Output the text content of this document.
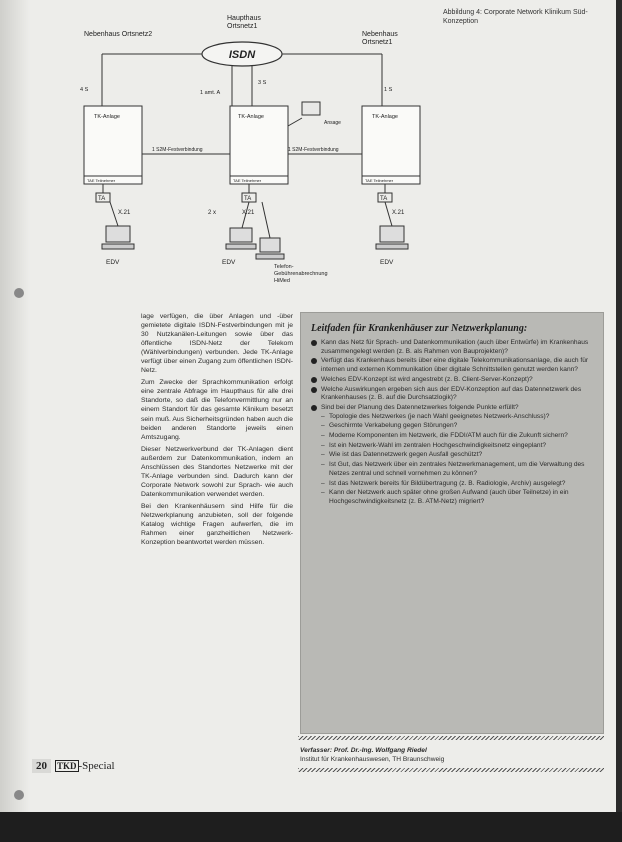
Abbildung 4: Corporate Network Klinikum Süd-Konzeption
Haupthaus Ortsnetz1
Nebenhaus Ortsnetz2	Nebenhaus Ortsnetz1
ISDN
4 S	1 amt. A
3 S
1 S
TK-Anlage	TK-Anlage	TK-Anlage
TAE Teilnehmer	TAE Teilnehmer	TAE Teilnehmer
1 S2M-Festverbindung	1 S2M-Festverbindung
Ansage
TA	TA	TA
X.21	2 x	X.21	X.21
EDV	EDV	EDV
Telefon-Gebührenabrechnung HiMed

lage verfügen, die über Anlagen und -über gemietete digitale ISDN-Festverbindungen mit je 30 Nutzkanälen-Leitungen sowie über das öffentliche ISDN-Netz der Telekom (Wählverbindungen) verbunden. Jede TK-Anlage verfügt über einen Zugang zum öffentlichen ISDN-Netz.

Zum Zwecke der Sprachkommunikation erfolgt eine zentrale Abfrage im Haupthaus für alle drei Standorte, so daß die Telefonvermittlung nur an einem Standort für das gesamte Klinikum besetzt sein muß. Aus Sicherheitsgründen haben auch die beiden anderen Standorte jeweils einen Amtszugang.

Dieser Netzwerkverbund der TK-Anlagen dient außerdem zur Datenkommunikation, indem an Anschlüssen des Standortes Netzwerke mit der TK-Anlage verbunden sind. Dadurch kann der Corporate Network sowohl zur Sprach- wie auch Datenkommunikation verwendet werden.

Bei den Krankenhäusern sind Hilfe für die Netzwerkplanung anzubieten, soll der folgende Katalog wichtige Fragen aufwerfen, die im Rahmen einer ganzheitlichen Netzwerk-Konzeption beantwortet werden müssen.

Leitfaden für Krankenhäuser zur Netzwerkplanung:
Kann das Netz für Sprach- und Datenkommunikation (auch über Entwürfe) im Krankenhaus zusammengelegt werden (z. B. als Rahmen von Bauprojekten)?
Verfügt das Krankenhaus bereits über eine digitale Telekommunikationsanlage, die auch für internen und externen Kommunikation über digitale Schnittstellen genutzt werden kann?
Welches EDV-Konzept ist wird angestrebt (z. B. Client-Server-Konzept)?
Welche Auswirkungen ergeben sich aus der EDV-Konzeption auf das Datennetzwerk des Krankenhauses (z. B. auf die Durchsatzlogik)?
Sind bei der Planung des Datennetzwerkes folgende Punkte erfüllt?
– Topologie des Netzwerkes (je nach Wahl geeignetes Netzwerk-Anschluss)?
– Geschirmte Verkabelung gegen Störungen?
– Moderne Komponenten im Netzwerk, die FDDI/ATM auch für die Zukunft sichern?
– Ist ein Netzwerk-Wahl im zentralen Hochgeschwindigkeitsnetz eingeplant?
– Wie ist das Datennetzwerk gegen Ausfall geschützt?
– Ist Gut, das Netzwerk über ein zentrales Netzwerkmanagement, um die Verwaltung des Netzes zentral und schnell vornehmen zu können?
– Ist das Netzwerk bereits für Bildübertragung (z. B. Radiologie, Archiv) ausgelegt?
– Kann der Netzwerk auch später ohne großen Aufwand (auch über Teilnetze) in ein Hochgeschwindigkeitsnetz (z. B. ATM-Netz) migriert?
Verfasser: Prof. Dr.-Ing. Wolfgang Riedel
Institut für Krankenhauswesen, TH Braunschweig
20	TKD -Special
